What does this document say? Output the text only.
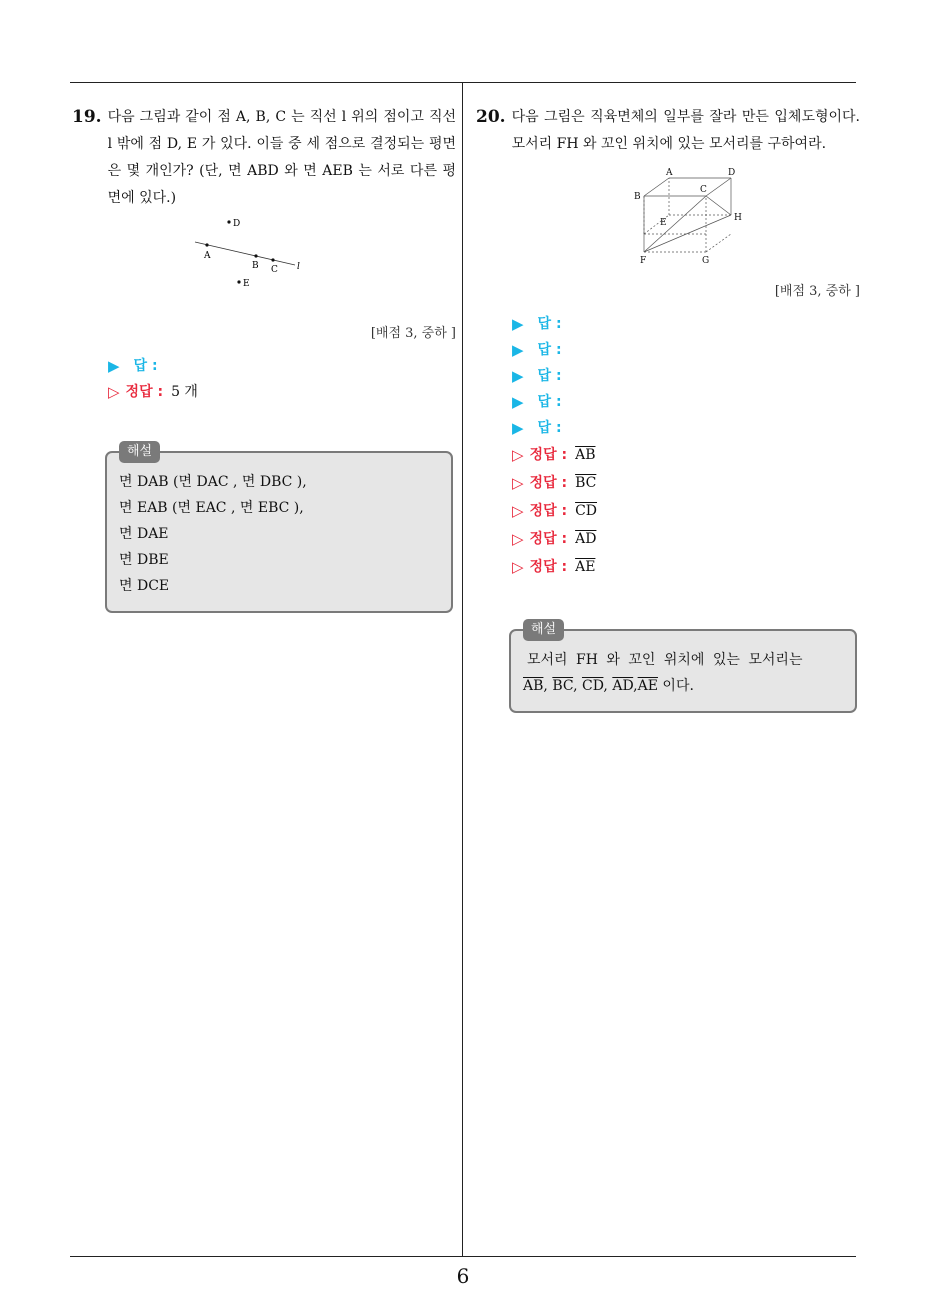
19. 다음 그림과 같이 점 A, B, C 는 직선 l 위의 점이고 직선 l 밖에 점 D, E 가 있다. 이들 중 세 점으로 결정되는 평면은 몇 개인가? (단, 면 ABD 와 면 AEB 는 서로 다른 평면에 있다.)
D
A
B C l
E
[배점 3, 중하 ]
▶ 답 :
▷ 정답 : 5 개
해설
면 DAB (면 DAC , 면 DBC ),
면 EAB (면 EAC , 면 EBC ),
면 DAE
면 DBE
면 DCE
20. 다음 그림은 직육면체의 일부를 잘라 만든 입체도형이다. 모서리 FH 와 꼬인 위치에 있는 모서리를 구하여라.
A	D
B
C
E	H
F	G
[배점 3, 중하 ]
▶ 답 :
▶ 답 :
▶ 답 :
▶ 답 :
▶ 답 :
▷ 정답 : $\overline{AB}$
▷ 정답 : $\overline{BC}$
▷ 정답 : $\overline{CD}$
▷ 정답 : $\overline{AD}$
▷ 정답 : $\overline{AE}$
해설
모서리 FH 와 꼬인 위치에 있는 모서리는
$\overline{AB}$, $\overline{BC}$, $\overline{CD}$, $\overline{AD},\overline{AE}$ 이다.
6
